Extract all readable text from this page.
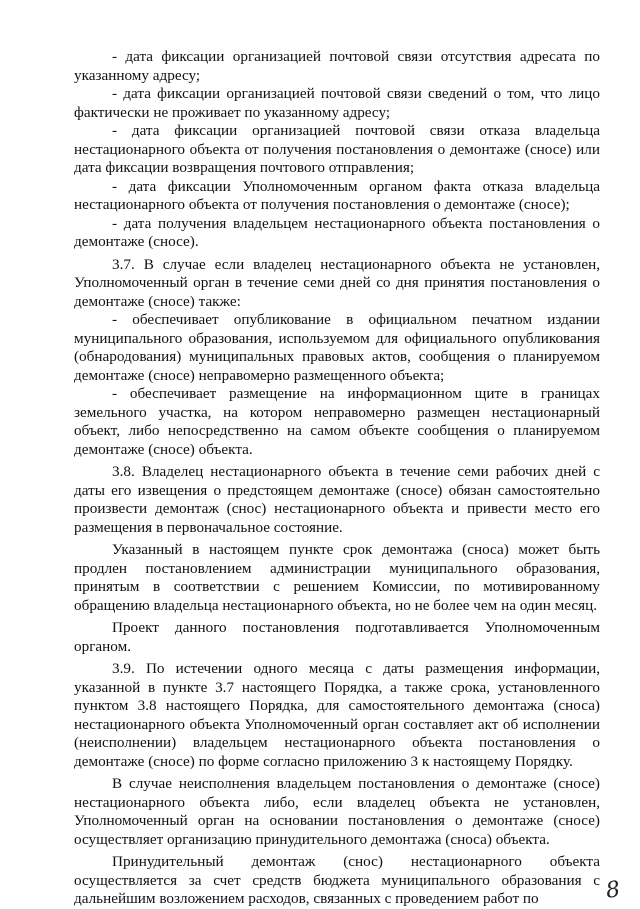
- дата фиксации организацией почтовой связи отсутствия адресата по указанному адресу;

- дата фиксации организацией почтовой связи сведений о том, что лицо фактически не проживает по указанному адресу;

- дата фиксации организацией почтовой связи отказа владельца нестационарного объекта от получения постановления о демонтаже (сносе) или дата фиксации возвращения почтового отправления;

- дата фиксации Уполномоченным органом факта отказа владельца нестационарного объекта от получения постановления о демонтаже (сносе);

- дата получения владельцем нестационарного объекта постановления о демонтаже (сносе).

3.7. В случае если владелец нестационарного объекта не установлен, Уполномоченный орган в течение семи дней со дня принятия постановления о демонтаже (сносе) также:

- обеспечивает опубликование в официальном печатном издании муниципального образования, используемом для официального опубликования (обнародования) муниципальных правовых актов, сообщения о планируемом демонтаже (сносе) неправомерно размещенного объекта;

- обеспечивает размещение на информационном щите в границах земельного участка, на котором неправомерно размещен нестационарный объект, либо непосредственно на самом объекте сообщения о планируемом демонтаже (сносе) объекта.

3.8. Владелец нестационарного объекта в течение семи рабочих дней с даты его извещения о предстоящем демонтаже (сносе) обязан самостоятельно произвести демонтаж (снос) нестационарного объекта и привести место его размещения в первоначальное состояние.

Указанный в настоящем пункте срок демонтажа (сноса) может быть продлен постановлением администрации муниципального образования, принятым в соответствии с решением Комиссии, по мотивированному обращению владельца нестационарного объекта, но не более чем на один месяц.

Проект данного постановления подготавливается Уполномоченным органом.

3.9. По истечении одного месяца с даты размещения информации, указанной в пункте 3.7 настоящего Порядка, а также срока, установленного пунктом 3.8 настоящего Порядка, для самостоятельного демонтажа (сноса) нестационарного объекта Уполномоченный орган составляет акт об исполнении (неисполнении) владельцем нестационарного объекта постановления о демонтаже (сносе) по форме согласно приложению 3 к настоящему Порядку.

В случае неисполнения владельцем постановления о демонтаже (сносе) нестационарного объекта либо, если владелец объекта не установлен, Уполномоченный орган на основании постановления о демонтаже (сносе) осуществляет организацию принудительного демонтажа (сноса) объекта.

Принудительный демонтаж (снос) нестационарного объекта осуществляется за счет средств бюджета муниципального образования с дальнейшим возложением расходов, связанных с проведением работ по	8
